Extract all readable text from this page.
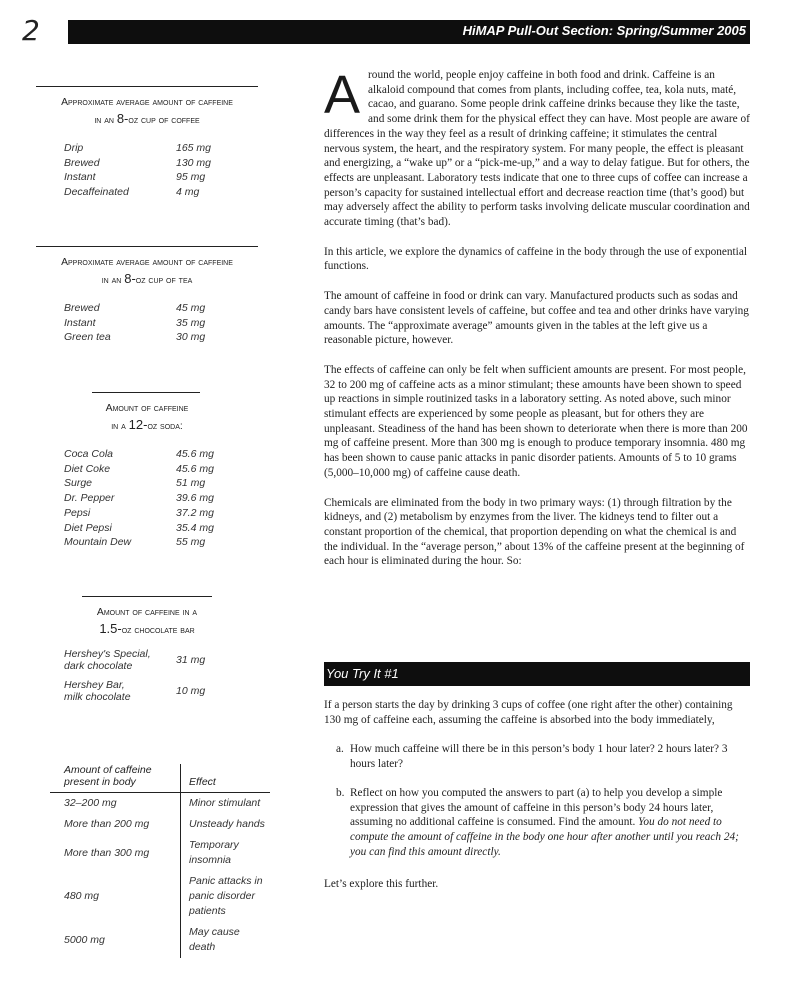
2	HiMAP Pull-Out Section: Spring/Summer 2005
Approximate average amount of caffeine
in an 8-oz cup of coffee
Drip	165 mg
Brewed	130 mg
Instant	95 mg
Decaffeinated	4 mg
Approximate average amount of caffeine
in an 8-oz cup of tea
Brewed	45 mg
Instant	35 mg
Green tea	30 mg
Amount of caffeine
in a 12-oz soda:
Coca Cola	45.6 mg
Diet Coke	45.6 mg
Surge	51 mg
Dr. Pepper	39.6 mg
Pepsi	37.2 mg
Diet Pepsi	35.4 mg
Mountain Dew	55 mg
Amount of caffeine in a
1.5-oz chocolate bar
Hershey's Special,
dark chocolate	31 mg
Hershey Bar,
milk chocolate	10 mg
Amount of caffeine
present in body	Effect
32–200 mg	Minor stimulant
More than 200 mg	Unsteady hands
More than 300 mg	Temporary
insomnia
480 mg	Panic attacks in
panic disorder
patients
5000 mg	May cause
death

Around the world, people enjoy caffeine in both food and drink. Caffeine is an alkaloid compound that comes from plants, including coffee, tea, kola nuts, maté, cacao, and guarano. Some people drink caffeine drinks because they like the taste, and some drink them for the physical effect they can have. Most people are aware of differences in the way they feel as a result of drinking caffeine; it stimulates the central nervous system, the heart, and the respiratory system. For many people, the effect is pleasant and energizing, a “wake up” or a “pick-me-up,” and a way to delay fatigue. But for others, the effects are unpleasant. Laboratory tests indicate that one to three cups of coffee can increase a person’s capacity for sustained intellectual effort and decrease reaction time (that’s good) but may adversely affect the ability to perform tasks involving delicate muscular coordination and accurate timing (that’s bad).

In this article, we explore the dynamics of caffeine in the body through the use of exponential functions.

The amount of caffeine in food or drink can vary. Manufactured products such as sodas and candy bars have consistent levels of caffeine, but coffee and tea and other drinks have varying amounts. The “approximate average” amounts given in the tables at the left give us a reasonable picture, however.

The effects of caffeine can only be felt when sufficient amounts are present. For most people, 32 to 200 mg of caffeine acts as a minor stimulant; these amounts have been shown to speed up reactions in simple routinized tasks in a laboratory setting. As noted above, such minor stimulant effects are experienced by some people as pleasant, but for others they are unpleasant. Steadiness of the hand has been shown to deteriorate when there is more than 200 mg of caffeine present. More than 300 mg is enough to produce temporary insomnia. 480 mg has been shown to cause panic attacks in panic disorder patients. Amounts of 5 to 10 grams (5,000–10,000 mg) of caffeine cause death.

Chemicals are eliminated from the body in two primary ways: (1) through filtration by the kidneys, and (2) metabolism by enzymes from the liver. The kidneys tend to filter out a constant proportion of the chemical, that proportion depending on what the chemical is and the individual. In the “average person,” about 13% of the caffeine present at the beginning of each hour is eliminated during the hour. So:

You Try It #1

If a person starts the day by drinking 3 cups of coffee (one right after the other) containing 130 mg of caffeine each, assuming the caffeine is absorbed into the body immediately,

a. How much caffeine will there be in this person’s body 1 hour later? 2 hours later? 3 hours later?
b. Reflect on how you computed the answers to part (a) to help you develop a simple expression that gives the amount of caffeine in this person’s body 24 hours later, assuming no additional caffeine is consumed. Find the amount. You do not need to compute the amount of caffeine in the body one hour after another until you reach 24; you can find this amount directly.

Let’s explore this further.
